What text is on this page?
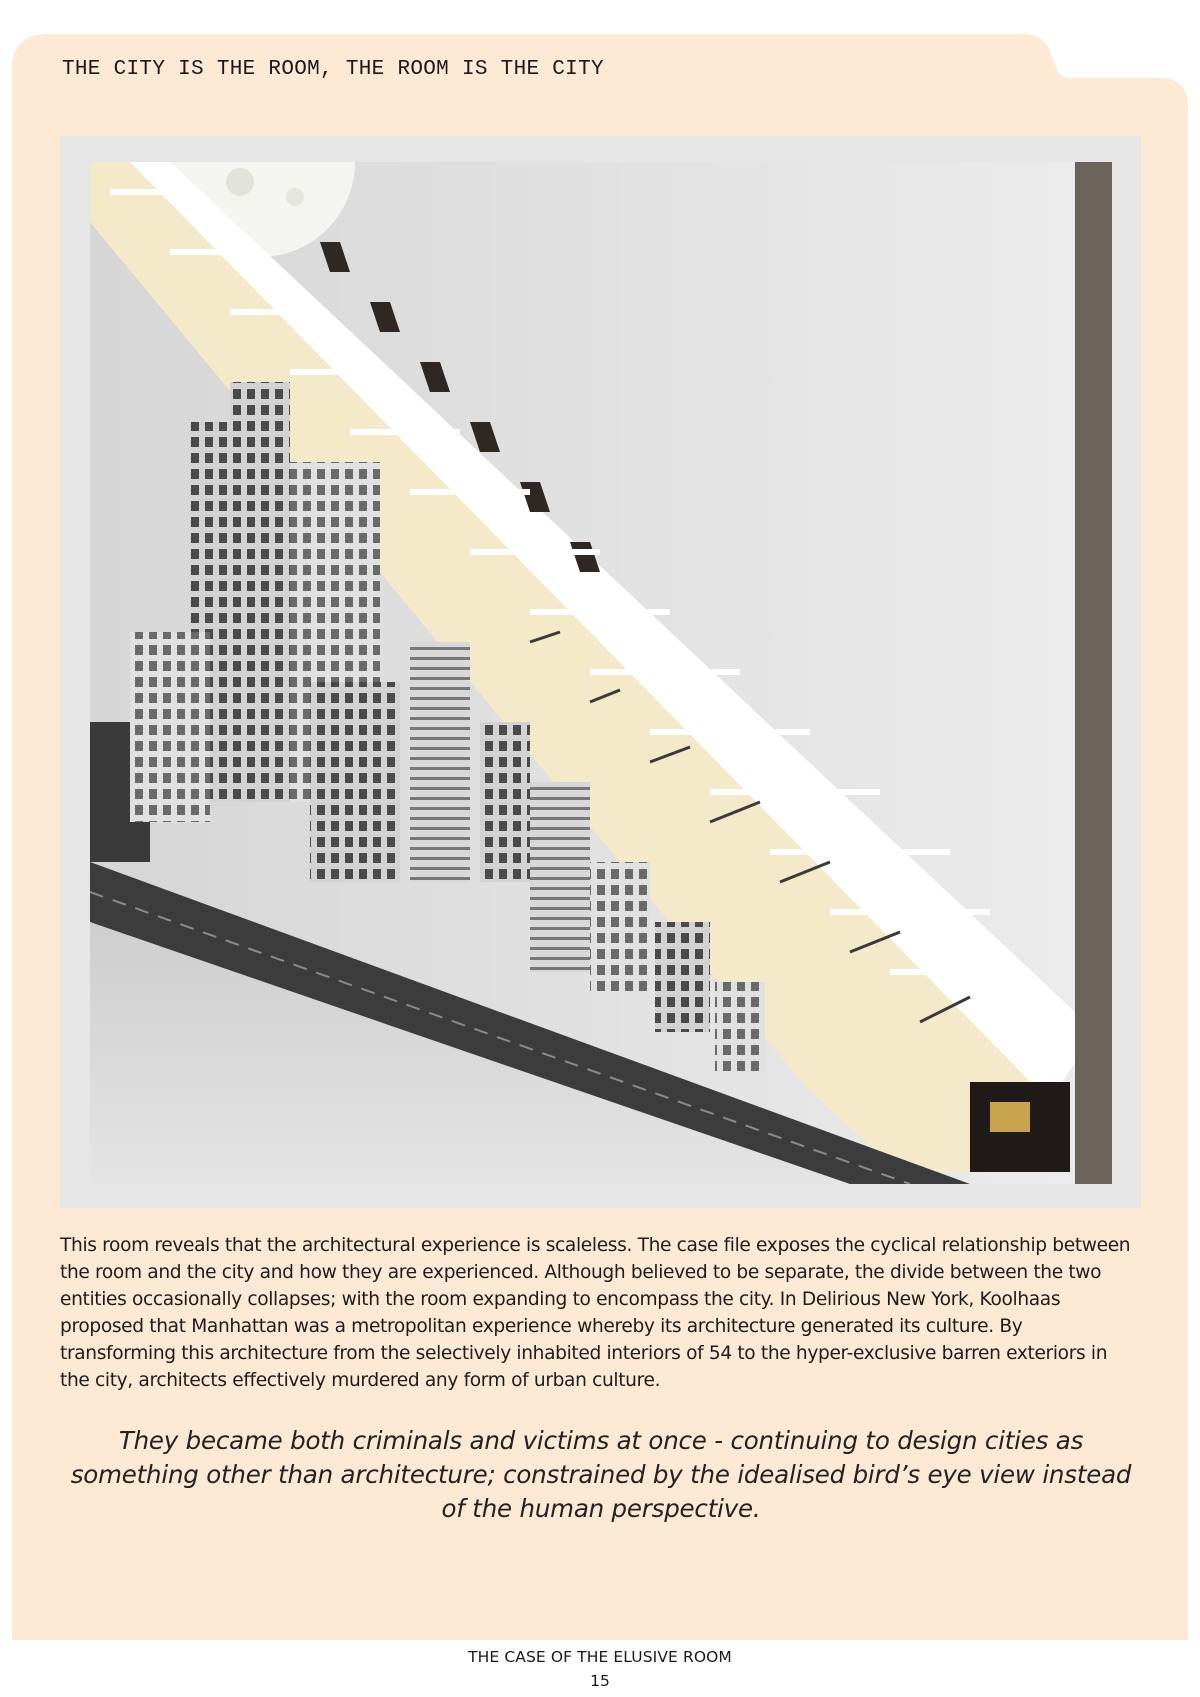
THE CITY IS THE ROOM, THE ROOM IS THE CITY

This room reveals that the architectural experience is scaleless. The case file exposes the cyclical relationship between the room and the city and how they are experienced. Although believed to be separate, the divide between the two entities occasionally collapses; with the room expanding to encompass the city. In Delirious New York, Koolhaas proposed that Manhattan was a metropolitan experience whereby its architecture generated its culture. By transforming this architecture from the selectively inhabited interiors of 54 to the hyper-exclusive barren exteriors in the city, architects effectively murdered any form of urban culture.

They became both criminals and victims at once - continuing to design cities as something other than architecture; constrained by the idealised bird’s eye view instead of the human perspective.

THE CASE OF THE ELUSIVE ROOM
15
